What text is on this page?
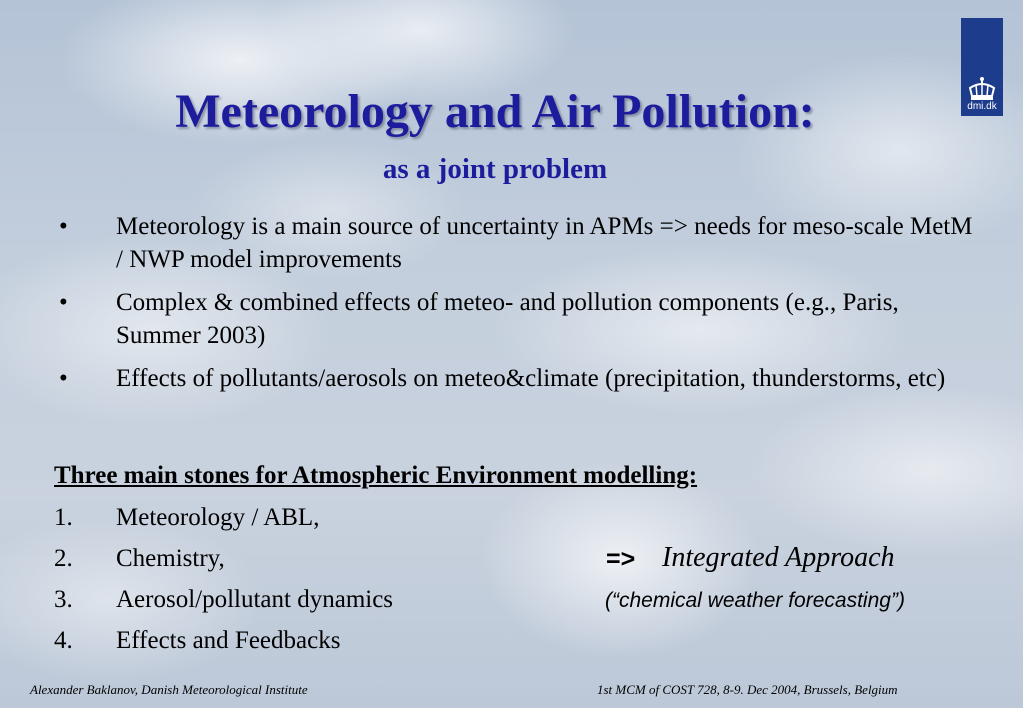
dmi.dk
Meteorology and Air Pollution:
as a joint problem
• Meteorology is a main source of uncertainty in APMs => needs for meso-scale MetM / NWP model improvements
• Complex & combined effects of meteo- and pollution components (e.g., Paris, Summer 2003)
• Effects of pollutants/aerosols on meteo&climate (precipitation, thunderstorms, etc)
Three main stones for Atmospheric Environment modelling:
1. Meteorology / ABL,
2. Chemistry,
3. Aerosol/pollutant dynamics
4. Effects and Feedbacks
=> Integrated Approach
(“chemical weather forecasting”)
Alexander Baklanov, Danish Meteorological Institute	1st MCM of COST 728, 8-9. Dec 2004, Brussels, Belgium
